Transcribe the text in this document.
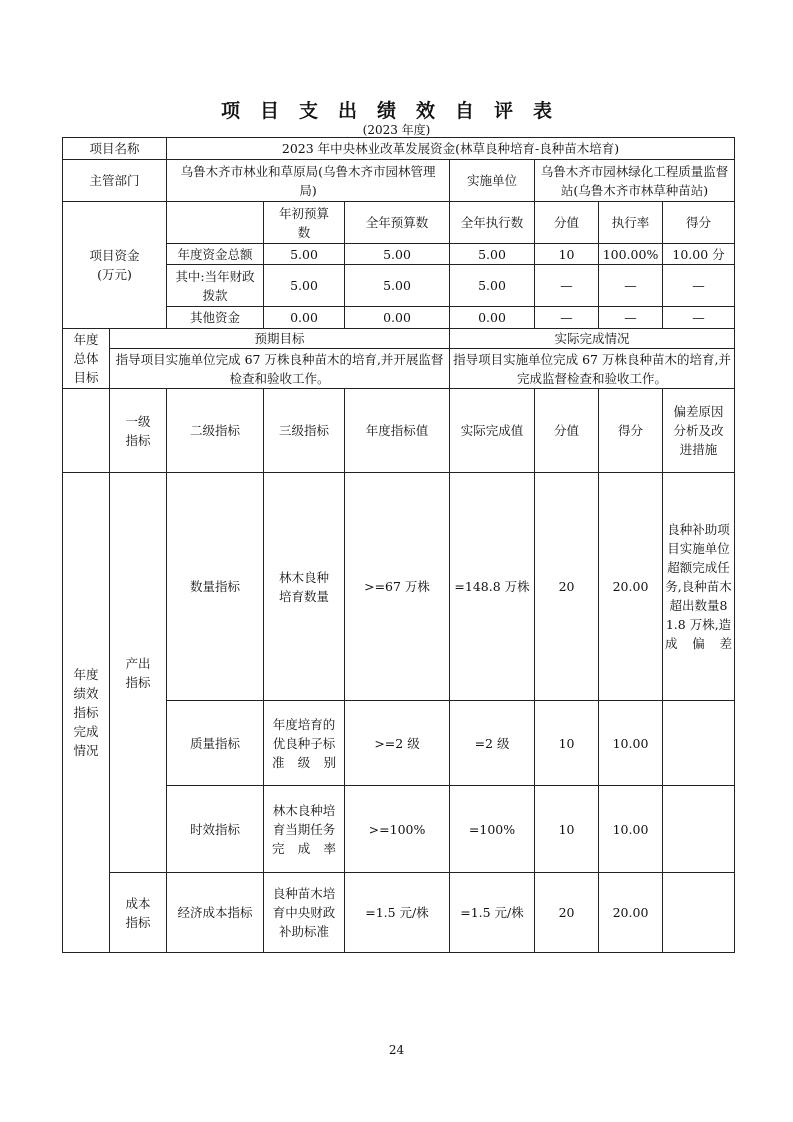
项目支出绩效自评表
(2023 年度)
项目名称		2023 年中央林业改革发展资金(林草良种培育-良种苗木培育)						
主管部门		乌鲁木齐市林业和草原局(乌鲁木齐市园林管理局)			实施单位	乌鲁木齐市园林绿化工程质量监督站(乌鲁木齐市林草种苗站)		
项目资金(万元)			年初预算数	全年预算数	全年执行数	分值	执行率	得分
		年度资金总额	5.00	5.00	5.00	10	100.00%	10.00 分
		其中:当年财政拨款	5.00	5.00	5.00	—	—	—
		其他资金	0.00	0.00	0.00	—	—	—
年度总体目标	预期目标				实际完成情况			
	指导项目实施单位完成 67 万株良种苗木的培育,并开展监督检查和验收工作。				指导项目实施单位完成 67 万株良种苗木的培育,并完成监督检查和验收工作。			
	一级指标	二级指标	三级指标	年度指标值	实际完成值	分值	得分	偏差原因分析及改进措施
年度绩效指标完成情况	产出指标	数量指标	林木良种培育数量	>=67 万株	=148.8 万株	20	20.00	良种补助项目实施单位超额完成任务,良种苗木超出数量81.8 万株,造成偏差
		质量指标	年度培育的优良种子标准级别	>=2 级	=2 级	10	10.00	
		时效指标	林木良种培育当期任务完成率	>=100%	=100%	10	10.00	
	成本指标	经济成本指标	良种苗木培育中央财政补助标准	=1.5 元/株	=1.5 元/株	20	20.00	
24
